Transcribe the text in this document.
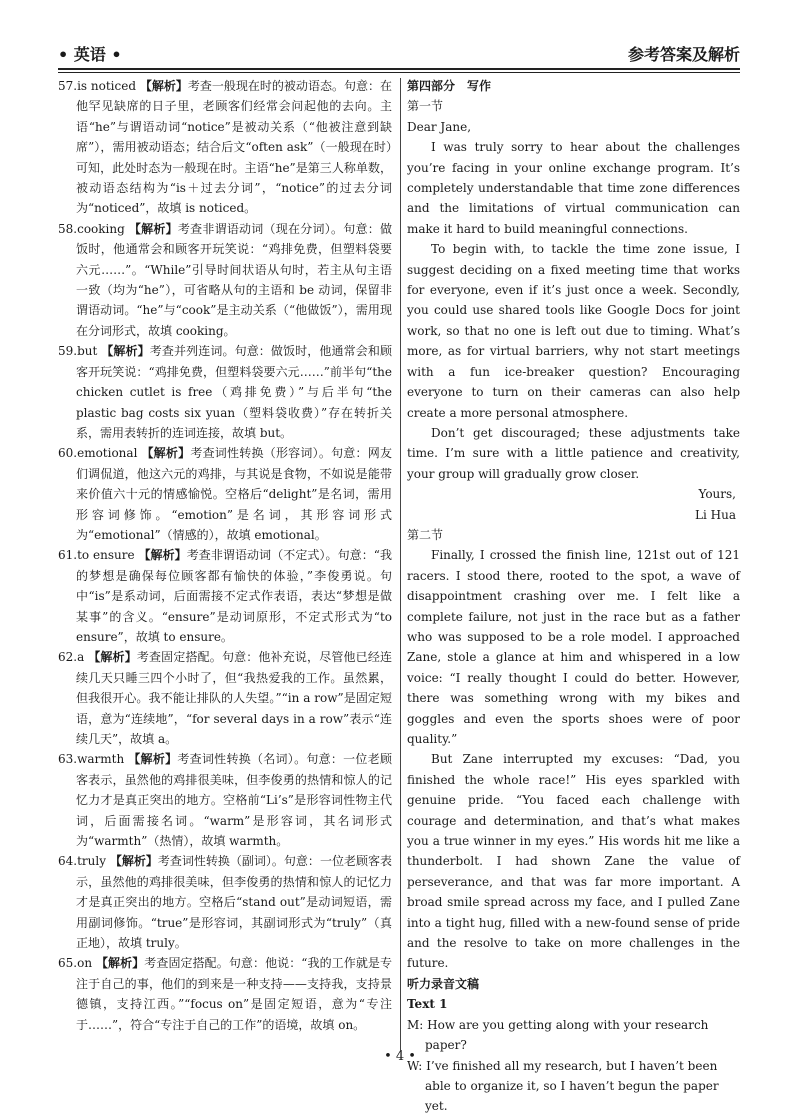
• 英语 •	参考答案及解析

57.is noticed 【解析】考查一般现在时的被动语态。句意：在他罕见缺席的日子里，老顾客们经常会问起他的去向。主语“he”与谓语动词“notice”是被动关系（“他被注意到缺席”），需用被动语态；结合后文“often ask”（一般现在时）可知，此处时态为一般现在时。主语“he”是第三人称单数，被动语态结构为“is＋过去分词”，“notice”的过去分词为“noticed”，故填 is noticed。

58.cooking 【解析】考查非谓语动词（现在分词）。句意：做饭时，他通常会和顾客开玩笑说：“鸡排免费，但塑料袋要六元……”。“While”引导时间状语从句时，若主从句主语一致（均为“he”），可省略从句的主语和 be 动词，保留非谓语动词。“he”与“cook”是主动关系（“他做饭”），需用现在分词形式，故填 cooking。

59.but 【解析】考查并列连词。句意：做饭时，他通常会和顾客开玩笑说：“鸡排免费，但塑料袋要六元……”前半句“the chicken cutlet is free（鸡排免费）”与后半句“the plastic bag costs six yuan（塑料袋收费）”存在转折关系，需用表转折的连词连接，故填 but。

60.emotional 【解析】考查词性转换（形容词）。句意：网友们调侃道，他这六元的鸡排，与其说是食物，不如说是能带来价值六十元的情感愉悦。空格后“delight”是名词，需用形容词修饰。“emotion”是名词，其形容词形式为“emotional”（情感的），故填 emotional。

61.to ensure 【解析】考查非谓语动词（不定式）。句意：“我的梦想是确保每位顾客都有愉快的体验，”李俊勇说。句中“is”是系动词，后面需接不定式作表语，表达“梦想是做某事”的含义。“ensure”是动词原形，不定式形式为“to ensure”，故填 to ensure。

62.a 【解析】考查固定搭配。句意：他补充说，尽管他已经连续几天只睡三四个小时了，但“我热爱我的工作。虽然累，但我很开心。我不能让排队的人失望。”“in a row”是固定短语，意为“连续地”，“for several days in a row”表示“连续几天”，故填 a。

63.warmth 【解析】考查词性转换（名词）。句意：一位老顾客表示，虽然他的鸡排很美味，但李俊勇的热情和惊人的记忆力才是真正突出的地方。空格前“Li’s”是形容词性物主代词，后面需接名词。“warm”是形容词，其名词形式为“warmth”（热情），故填 warmth。

64.truly 【解析】考查词性转换（副词）。句意：一位老顾客表示，虽然他的鸡排很美味，但李俊勇的热情和惊人的记忆力才是真正突出的地方。空格后“stand out”是动词短语，需用副词修饰。“true”是形容词，其副词形式为“truly”（真正地），故填 truly。

65.on 【解析】考查固定搭配。句意：他说：“我的工作就是专注于自己的事，他们的到来是一种支持——支持我，支持景德镇，支持江西。”“focus on”是固定短语，意为“专注于……”，符合“专注于自己的工作”的语境，故填 on。

第四部分　写作

第一节

Dear Jane,

I was truly sorry to hear about the challenges you’re facing in your online exchange program. It’s completely understandable that time zone differences and the limitations of virtual communication can make it hard to build meaningful connections.

To begin with, to tackle the time zone issue, I suggest deciding on a fixed meeting time that works for everyone, even if it’s just once a week. Secondly, you could use shared tools like Google Docs for joint work, so that no one is left out due to timing. What’s more, as for virtual barriers, why not start meetings with a fun ice-breaker question? Encouraging everyone to turn on their cameras can also help create a more personal atmosphere.

Don’t get discouraged; these adjustments take time. I’m sure with a little patience and creativity, your group will gradually grow closer.

Yours,

Li Hua

第二节

Finally, I crossed the finish line, 121st out of 121 racers. I stood there, rooted to the spot, a wave of disappointment crashing over me. I felt like a complete failure, not just in the race but as a father who was supposed to be a role model. I approached Zane, stole a glance at him and whispered in a low voice: “I really thought I could do better. However, there was something wrong with my bikes and goggles and even the sports shoes were of poor quality.”

But Zane interrupted my excuses: “Dad, you finished the whole race!” His eyes sparkled with genuine pride. “You faced each challenge with courage and determination, and that’s what makes you a true winner in my eyes.” His words hit me like a thunderbolt. I had shown Zane the value of perseverance, and that was far more important. A broad smile spread across my face, and I pulled Zane into a tight hug, filled with a new-found sense of pride and the resolve to take on more challenges in the future.

听力录音文稿

Text 1

M: How are you getting along with your research paper?

W: I’ve finished all my research, but I haven’t been able to organize it, so I haven’t begun the paper yet.

• 4 •
